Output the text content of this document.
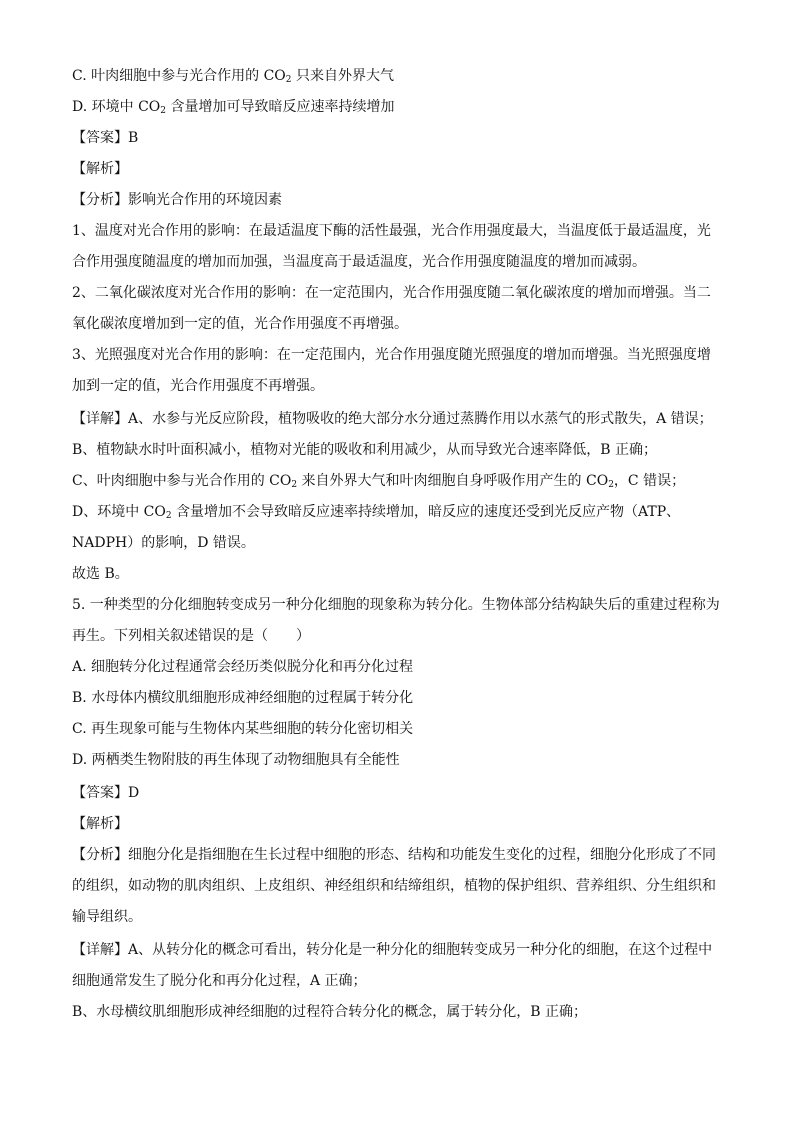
C. 叶肉细胞中参与光合作用的 $CO_2$ 只来自外界大气
D. 环境中 $CO_2$ 含量增加可导致暗反应速率持续增加
【答案】B
【解析】
【分析】影响光合作用的环境因素
1、温度对光合作用的影响：在最适温度下酶的活性最强，光合作用强度最大，当温度低于最适温度，光
合作用强度随温度的增加而加强，当温度高于最适温度，光合作用强度随温度的增加而减弱。
2、二氧化碳浓度对光合作用的影响：在一定范围内，光合作用强度随二氧化碳浓度的增加而增强。当二
氧化碳浓度增加到一定的值，光合作用强度不再增强。
3、光照强度对光合作用的影响：在一定范围内，光合作用强度随光照强度的增加而增强。当光照强度增
加到一定的值，光合作用强度不再增强。
【详解】A、水参与光反应阶段，植物吸收的绝大部分水分通过蒸腾作用以水蒸气的形式散失，A 错误；
B、植物缺水时叶面积减小，植物对光能的吸收和利用减少，从而导致光合速率降低，B 正确；
C、叶肉细胞中参与光合作用的 $CO_2$ 来自外界大气和叶肉细胞自身呼吸作用产生的 $CO_2$，C 错误；
D、环境中 $CO_2$ 含量增加不会导致暗反应速率持续增加，暗反应的速度还受到光反应产物（ATP、
NADPH）的影响，D 错误。
故选 B。
5. 一种类型的分化细胞转变成另一种分化细胞的现象称为转分化。生物体部分结构缺失后的重建过程称为
再生。下列相关叙述错误的是（　　）
A. 细胞转分化过程通常会经历类似脱分化和再分化过程
B. 水母体内横纹肌细胞形成神经细胞的过程属于转分化
C. 再生现象可能与生物体内某些细胞的转分化密切相关
D. 两栖类生物附肢的再生体现了动物细胞具有全能性
【答案】D
【解析】
【分析】细胞分化是指细胞在生长过程中细胞的形态、结构和功能发生变化的过程，细胞分化形成了不同
的组织，如动物的肌肉组织、上皮组织、神经组织和结缔组织，植物的保护组织、营养组织、分生组织和
输导组织。
【详解】A、从转分化的概念可看出，转分化是一种分化的细胞转变成另一种分化的细胞，在这个过程中
细胞通常发生了脱分化和再分化过程，A 正确；
B、水母横纹肌细胞形成神经细胞的过程符合转分化的概念，属于转分化，B 正确；
